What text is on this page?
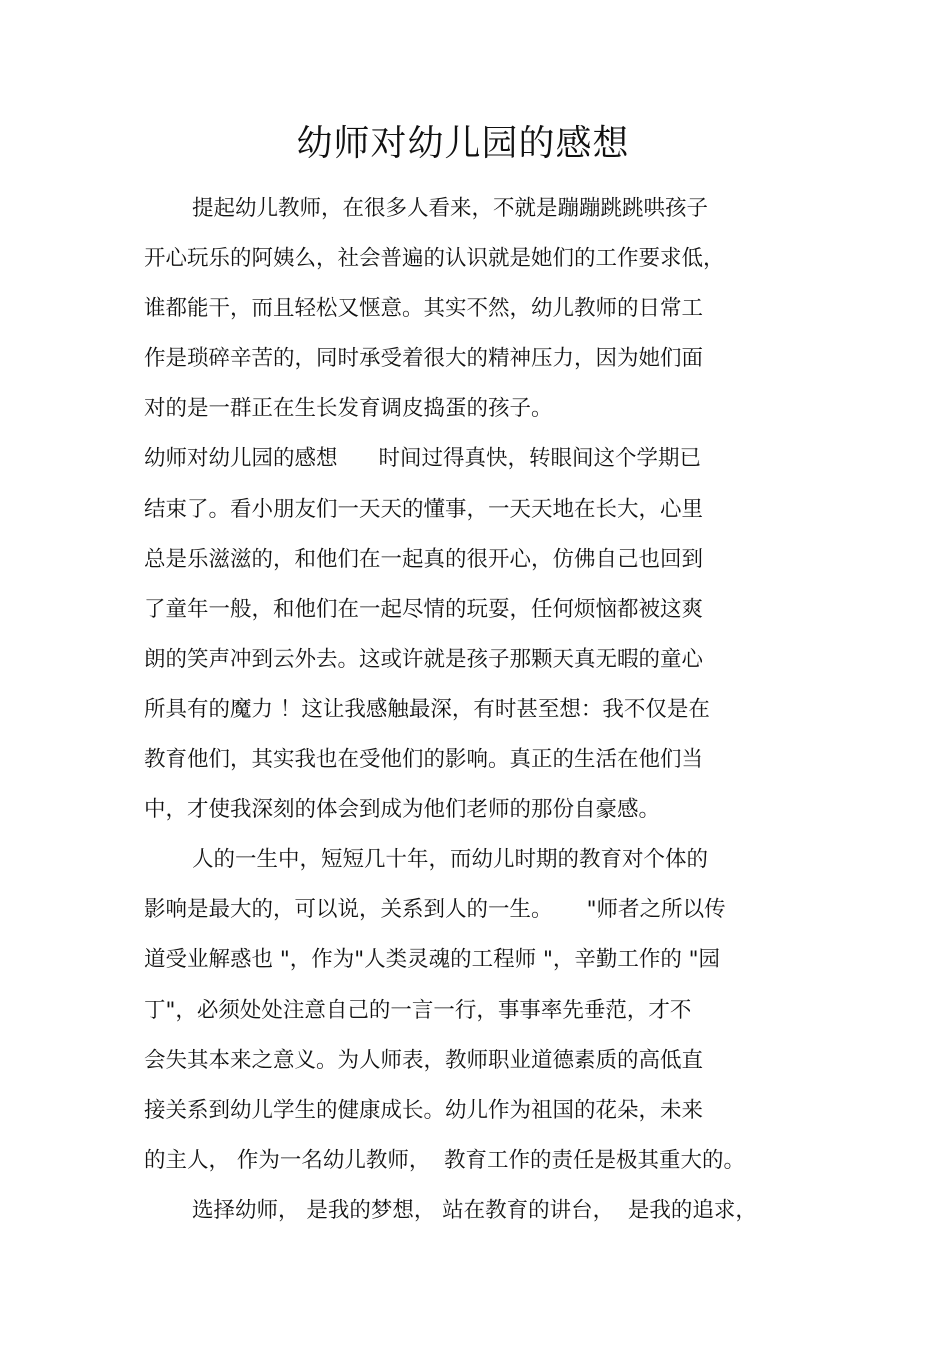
幼师对幼儿园的感想
提起幼儿教师，在很多人看来，不就是蹦蹦跳跳哄孩子
开心玩乐的阿姨么，社会普遍的认识就是她们的工作要求低，
谁都能干，而且轻松又惬意。其实不然，幼儿教师的日常工
作是琐碎辛苦的，同时承受着很大的精神压力，因为她们面
对的是一群正在生长发育调皮捣蛋的孩子。
幼师对幼儿园的感想      时间过得真快，转眼间这个学期已
结束了。看小朋友们一天天的懂事，一天天地在长大，心里
总是乐滋滋的，和他们在一起真的很开心，仿佛自己也回到
了童年一般，和他们在一起尽情的玩耍，任何烦恼都被这爽
朗的笑声冲到云外去。这或许就是孩子那颗天真无暇的童心
所具有的魔力 ！这让我感触最深，有时甚至想：我不仅是在
教育他们，其实我也在受他们的影响。真正的生活在他们当
中，才使我深刻的体会到成为他们老师的那份自豪感。
人的一生中，短短几十年，而幼儿时期的教育对个体的
影响是最大的，可以说，关系到人的一生。     "师者之所以传
道受业解惑也 "，作为"人类灵魂的工程师 "，辛勤工作的 "园
丁"，必须处处注意自己的一言一行，事事率先垂范，才不
会失其本来之意义。为人师表，教师职业道德素质的高低直
接关系到幼儿学生的健康成长。幼儿作为祖国的花朵，未来
的主人， 作为一名幼儿教师，  教育工作的责任是极其重大的。
选择幼师， 是我的梦想， 站在教育的讲台，  是我的追求，
